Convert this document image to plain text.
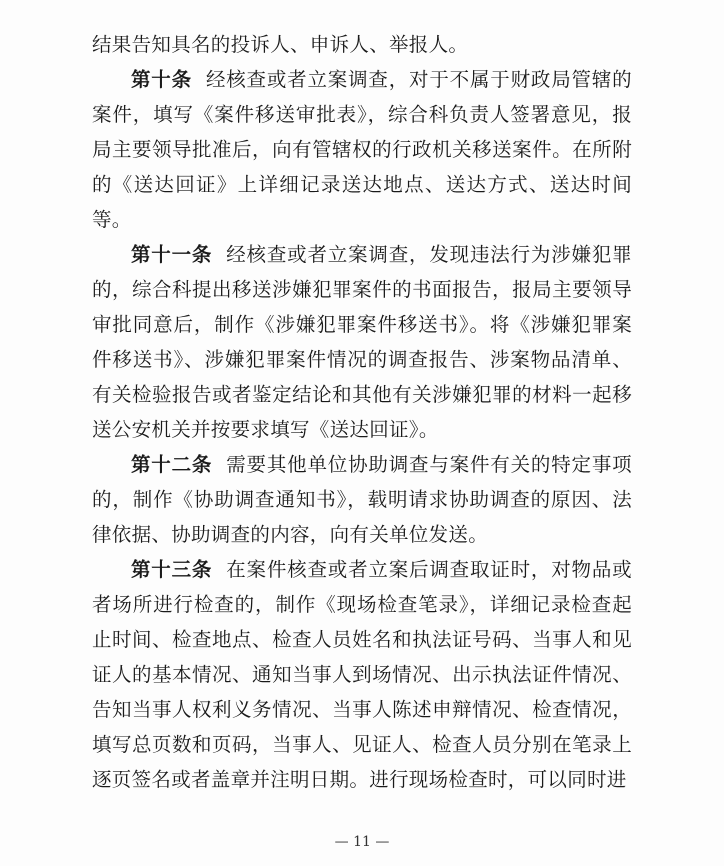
结果告知具名的投诉人、申诉人、举报人。

第十条 经核查或者立案调查，对于不属于财政局管辖的案件，填写《案件移送审批表》，综合科负责人签署意见，报局主要领导批准后，向有管辖权的行政机关移送案件。在所附的《送达回证》上详细记录送达地点、送达方式、送达时间等。

第十一条 经核查或者立案调查，发现违法行为涉嫌犯罪的，综合科提出移送涉嫌犯罪案件的书面报告，报局主要领导审批同意后，制作《涉嫌犯罪案件移送书》。将《涉嫌犯罪案件移送书》、涉嫌犯罪案件情况的调查报告、涉案物品清单、有关检验报告或者鉴定结论和其他有关涉嫌犯罪的材料一起移送公安机关并按要求填写《送达回证》。

第十二条 需要其他单位协助调查与案件有关的特定事项的，制作《协助调查通知书》，载明请求协助调查的原因、法律依据、协助调查的内容，向有关单位发送。

第十三条 在案件核查或者立案后调查取证时，对物品或者场所进行检查的，制作《现场检查笔录》，详细记录检查起止时间、检查地点、检查人员姓名和执法证号码、当事人和见证人的基本情况、通知当事人到场情况、出示执法证件情况、告知当事人权利义务情况、当事人陈述申辩情况、检查情况，填写总页数和页码，当事人、见证人、检查人员分别在笔录上逐页签名或者盖章并注明日期。进行现场检查时，可以同时进

— 11 —
